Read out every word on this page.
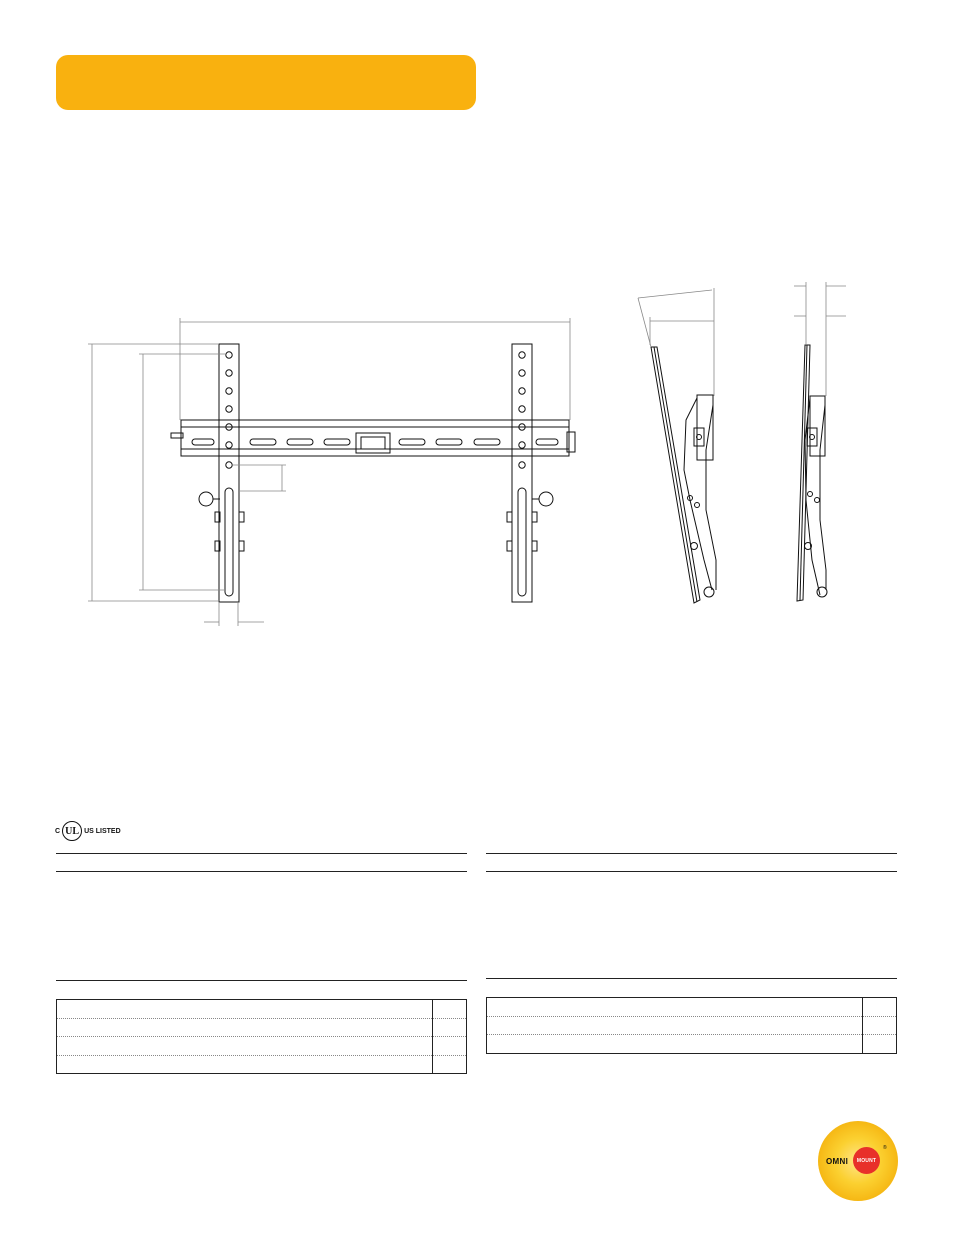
C UL US LISTED
OMNI MOUNT
®
